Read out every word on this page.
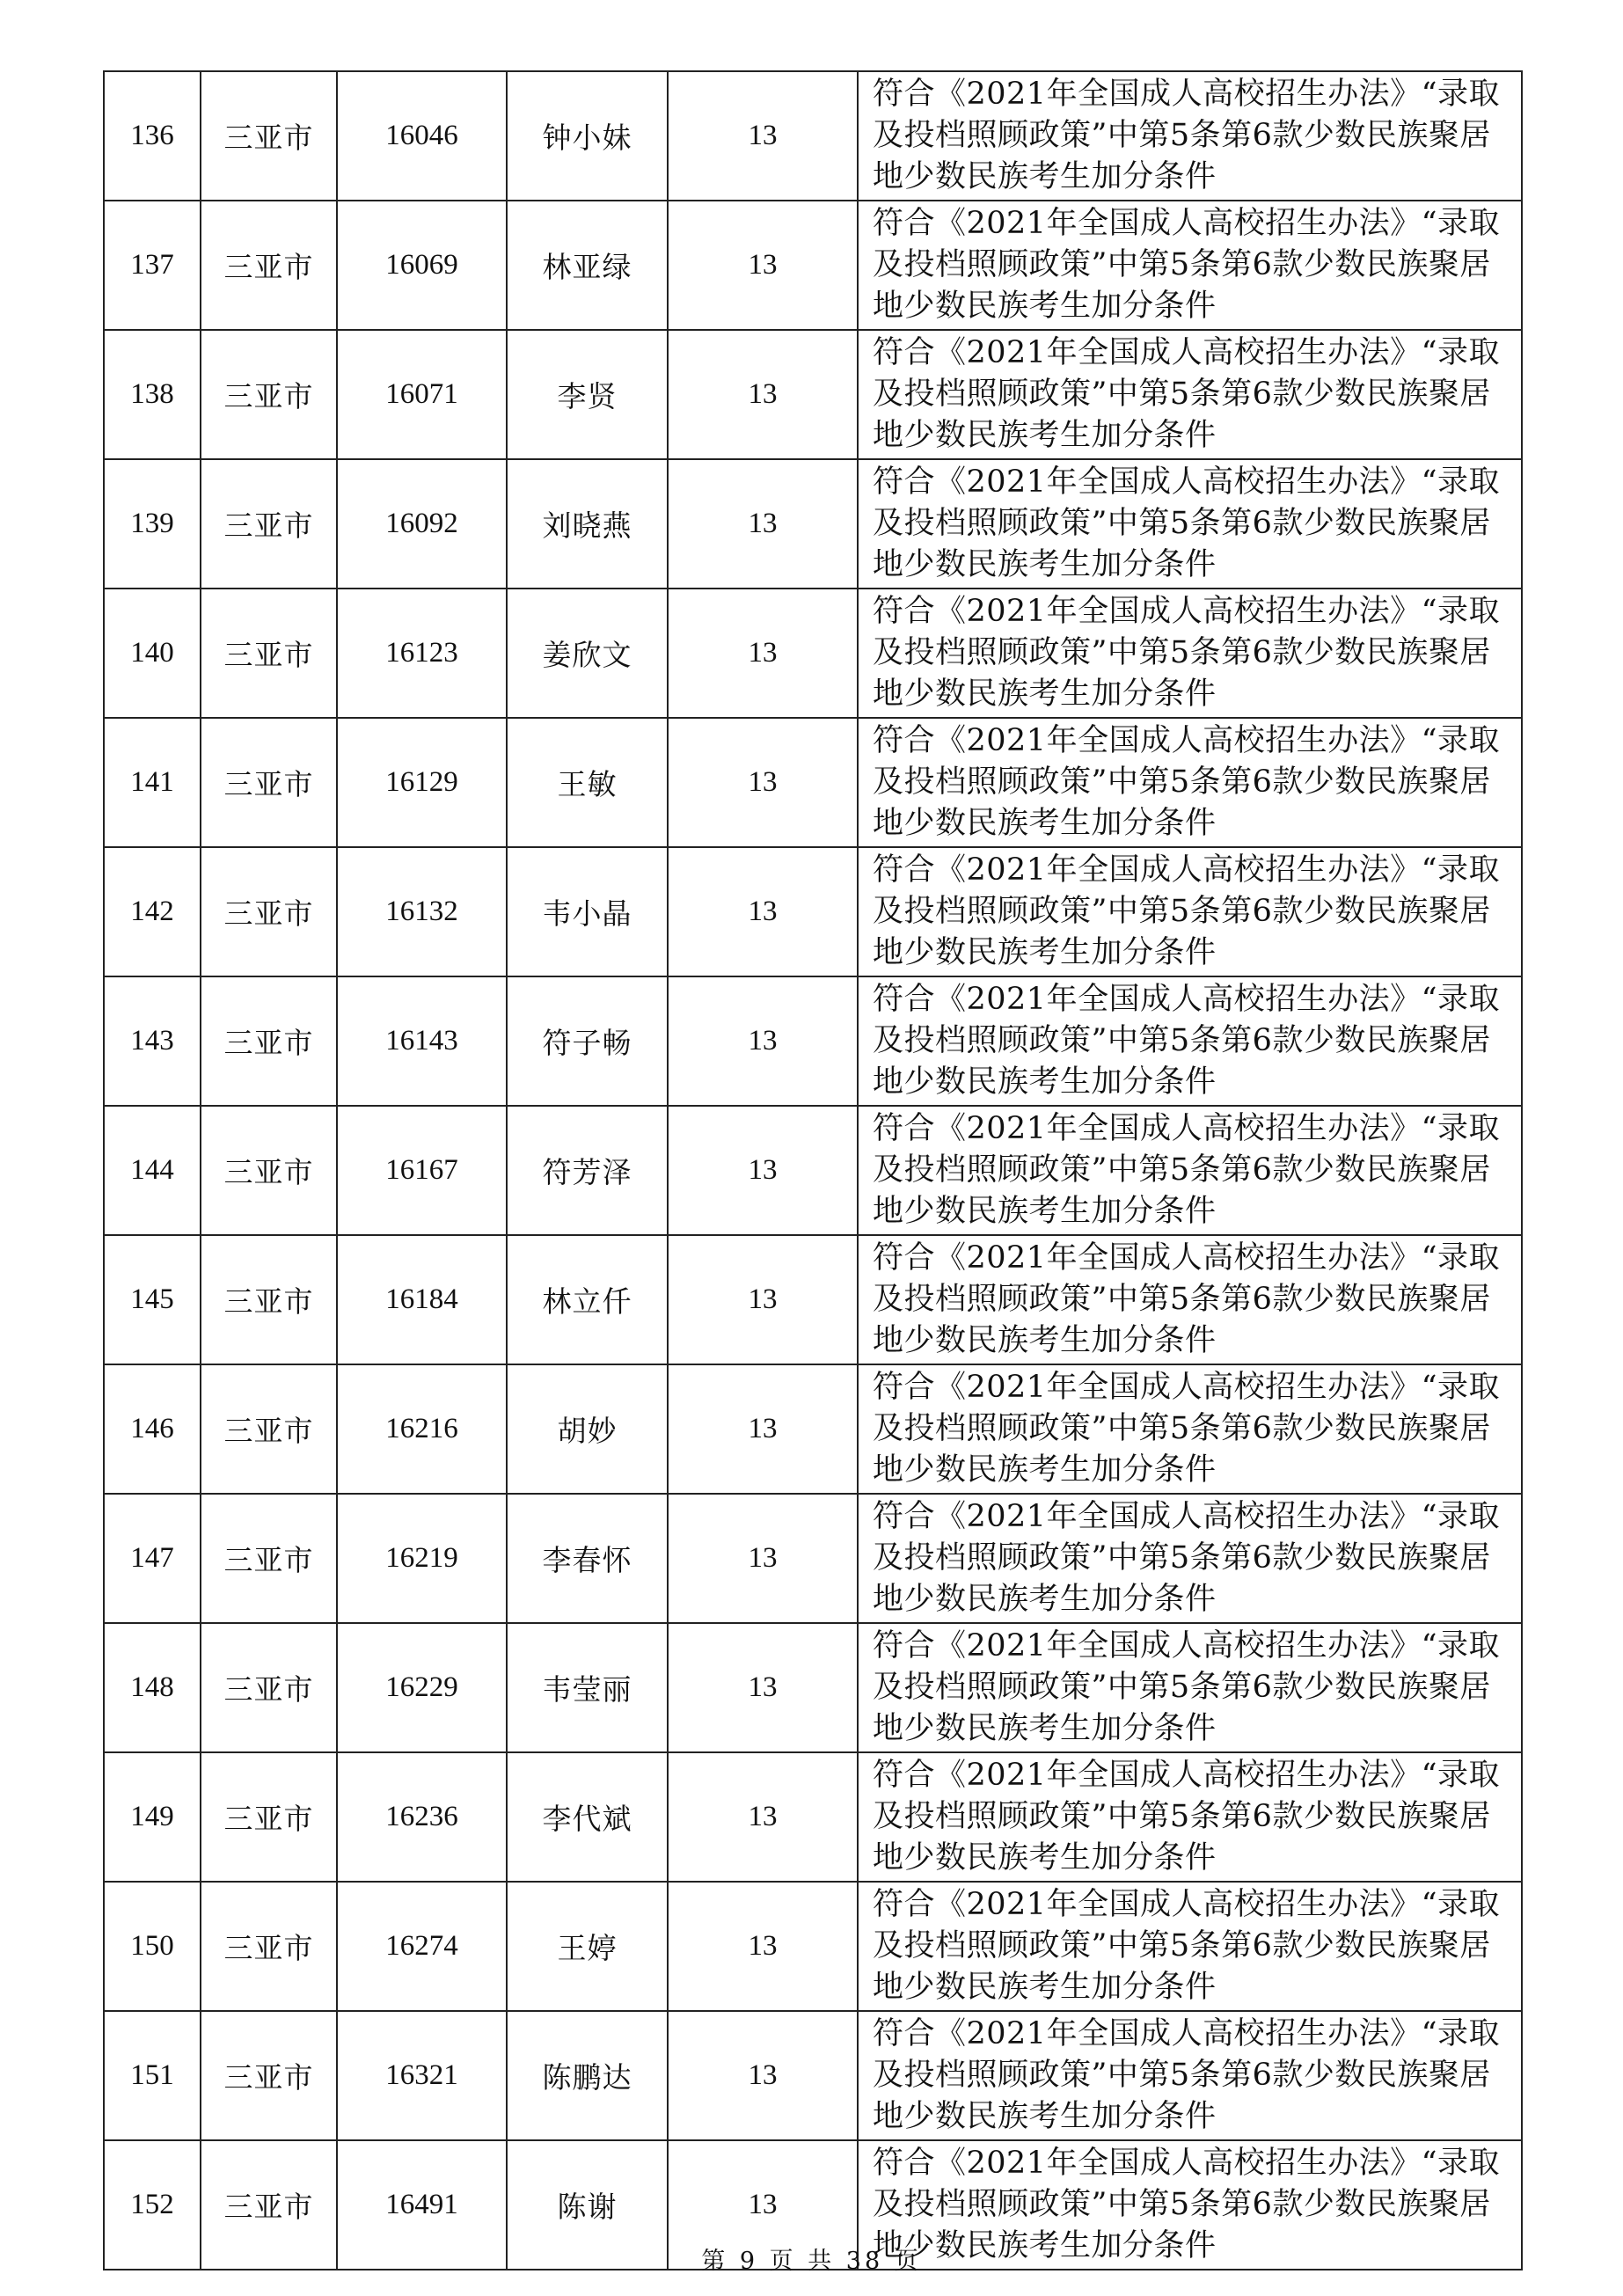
136	三亚市	16046	钟小妹	13	符合《2021年全国成人高校招生办法》“录取及投档照顾政策”中第5条第6款少数民族聚居地少数民族考生加分条件
137	三亚市	16069	林亚绿	13	符合《2021年全国成人高校招生办法》“录取及投档照顾政策”中第5条第6款少数民族聚居地少数民族考生加分条件
138	三亚市	16071	李贤	13	符合《2021年全国成人高校招生办法》“录取及投档照顾政策”中第5条第6款少数民族聚居地少数民族考生加分条件
139	三亚市	16092	刘晓燕	13	符合《2021年全国成人高校招生办法》“录取及投档照顾政策”中第5条第6款少数民族聚居地少数民族考生加分条件
140	三亚市	16123	姜欣文	13	符合《2021年全国成人高校招生办法》“录取及投档照顾政策”中第5条第6款少数民族聚居地少数民族考生加分条件
141	三亚市	16129	王敏	13	符合《2021年全国成人高校招生办法》“录取及投档照顾政策”中第5条第6款少数民族聚居地少数民族考生加分条件
142	三亚市	16132	韦小晶	13	符合《2021年全国成人高校招生办法》“录取及投档照顾政策”中第5条第6款少数民族聚居地少数民族考生加分条件
143	三亚市	16143	符子畅	13	符合《2021年全国成人高校招生办法》“录取及投档照顾政策”中第5条第6款少数民族聚居地少数民族考生加分条件
144	三亚市	16167	符芳泽	13	符合《2021年全国成人高校招生办法》“录取及投档照顾政策”中第5条第6款少数民族聚居地少数民族考生加分条件
145	三亚市	16184	林立仟	13	符合《2021年全国成人高校招生办法》“录取及投档照顾政策”中第5条第6款少数民族聚居地少数民族考生加分条件
146	三亚市	16216	胡妙	13	符合《2021年全国成人高校招生办法》“录取及投档照顾政策”中第5条第6款少数民族聚居地少数民族考生加分条件
147	三亚市	16219	李春怀	13	符合《2021年全国成人高校招生办法》“录取及投档照顾政策”中第5条第6款少数民族聚居地少数民族考生加分条件
148	三亚市	16229	韦莹丽	13	符合《2021年全国成人高校招生办法》“录取及投档照顾政策”中第5条第6款少数民族聚居地少数民族考生加分条件
149	三亚市	16236	李代斌	13	符合《2021年全国成人高校招生办法》“录取及投档照顾政策”中第5条第6款少数民族聚居地少数民族考生加分条件
150	三亚市	16274	王婷	13	符合《2021年全国成人高校招生办法》“录取及投档照顾政策”中第5条第6款少数民族聚居地少数民族考生加分条件
151	三亚市	16321	陈鹏达	13	符合《2021年全国成人高校招生办法》“录取及投档照顾政策”中第5条第6款少数民族聚居地少数民族考生加分条件
152	三亚市	16491	陈谢	13	符合《2021年全国成人高校招生办法》“录取及投档照顾政策”中第5条第6款少数民族聚居地少数民族考生加分条件
第 9 页 共 38 页
